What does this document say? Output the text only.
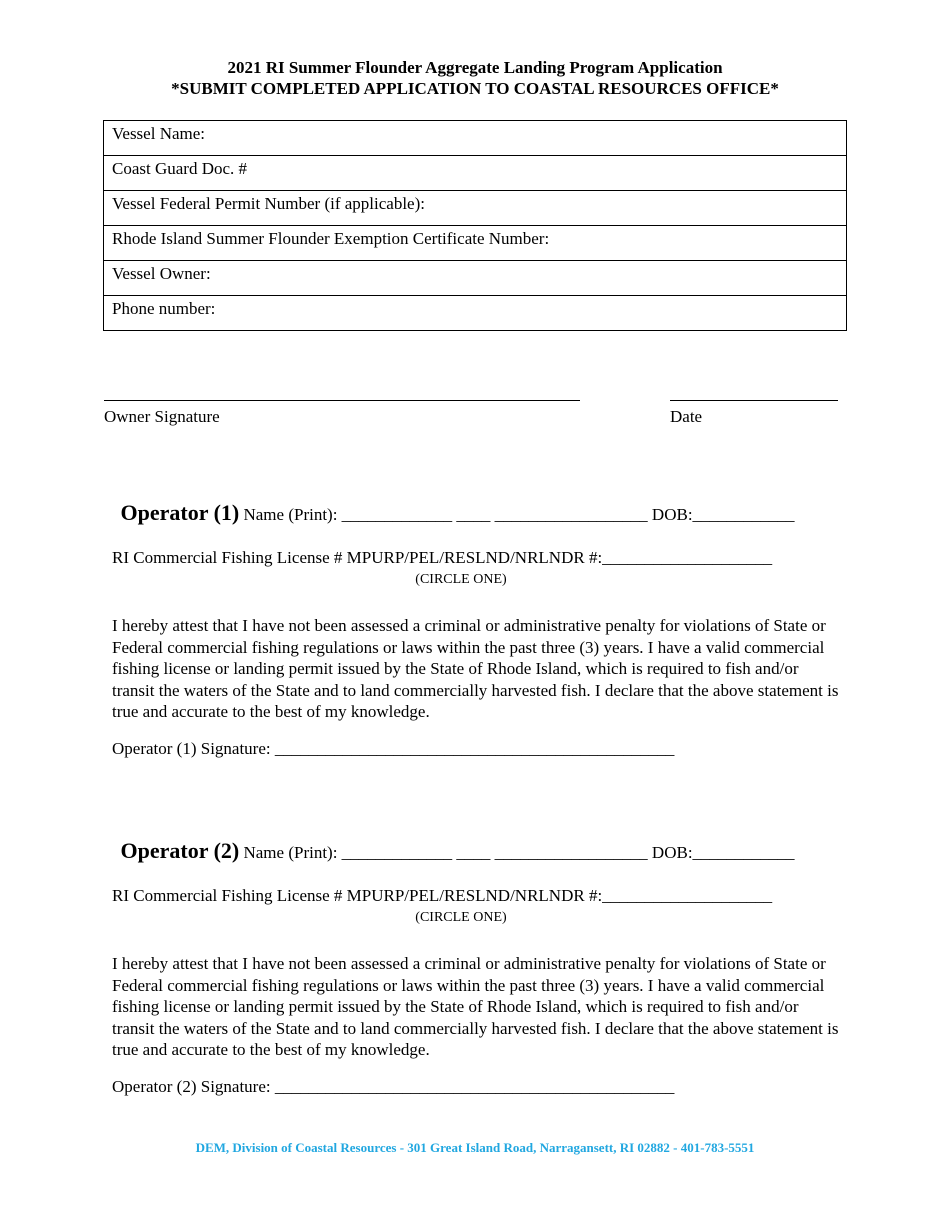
2021 RI Summer Flounder Aggregate Landing Program Application
*SUBMIT COMPLETED APPLICATION TO COASTAL RESOURCES OFFICE*
Vessel Name:
Coast Guard Doc. #
Vessel Federal Permit Number (if applicable):
Rhode Island Summer Flounder Exemption Certificate Number:
Vessel Owner:
Phone number:
Owner Signature	Date

Operator (1) Name (Print): _____________ ____ __________________ DOB:____________

RI Commercial Fishing License # MPURP/PEL/RESLND/NRLNDR #:____________________
(CIRCLE ONE)
I hereby attest that I have not been assessed a criminal or administrative penalty for violations of State or Federal commercial fishing regulations or laws within the past three (3) years. I have a valid commercial fishing license or landing permit issued by the State of Rhode Island, which is required to fish and/or transit the waters of the State and to land commercially harvested fish. I declare that the above statement is true and accurate to the best of my knowledge.
Operator (1) Signature: _______________________________________________

Operator (2) Name (Print): _____________ ____ __________________ DOB:____________

RI Commercial Fishing License # MPURP/PEL/RESLND/NRLNDR #:____________________
(CIRCLE ONE)
I hereby attest that I have not been assessed a criminal or administrative penalty for violations of State or Federal commercial fishing regulations or laws within the past three (3) years. I have a valid commercial fishing license or landing permit issued by the State of Rhode Island, which is required to fish and/or transit the waters of the State and to land commercially harvested fish. I declare that the above statement is true and accurate to the best of my knowledge.
Operator (2) Signature: _______________________________________________
DEM, Division of Coastal Resources - 301 Great Island Road, Narragansett, RI 02882 - 401-783-5551
